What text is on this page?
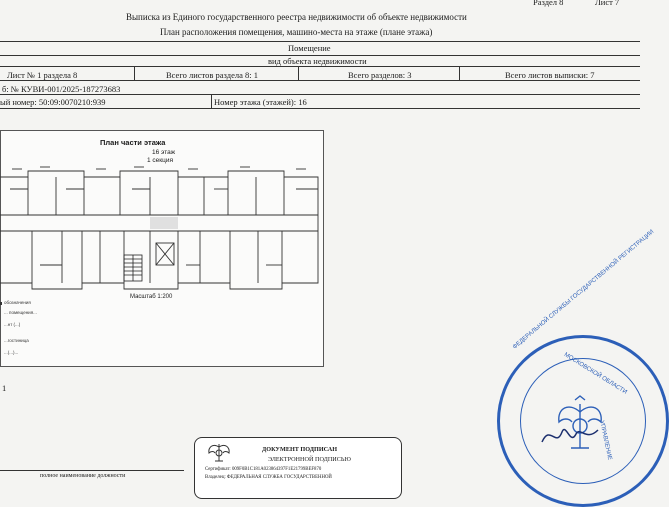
Раздел 8	Лист 7
Выписка из Единого государственного реестра недвижимости об объекте недвижимости
План расположения помещения, машино-места на этаже (плане этажа)
Помещение
вид объекта недвижимости
Лист № 1 раздела 8	Всего листов раздела 8: 1	Всего разделов: 3	Всего листов выписки: 7
б: № КУВИ-001/2025-187273683
ый номер: 50:09:0070210:939	Номер этажа (этажей): 16
План части этажа
16 этаж
1 секция
Масштаб 1:200
обозначения
... помещения...
...нт (...)
...гостиница
...(...)...
1
полное наименование должности
ДОКУМЕНТ ПОДПИСАН
ЭЛЕКТРОННОЙ ПОДПИСЬЮ
Сертификат: 009F0B1C181A023864397F1E21799BEF870
Владелец: ФЕДЕРАЛЬНАЯ СЛУЖБА ГОСУДАРСТВЕННОЙ
ФЕДЕРАЛЬНОЙ СЛУЖБЫ ГОСУДАРСТВЕННОЙ РЕГИСТРАЦИИ
МОСКОВСКОЙ ОБЛАСТИ
УПРАВЛЕНИЕ
